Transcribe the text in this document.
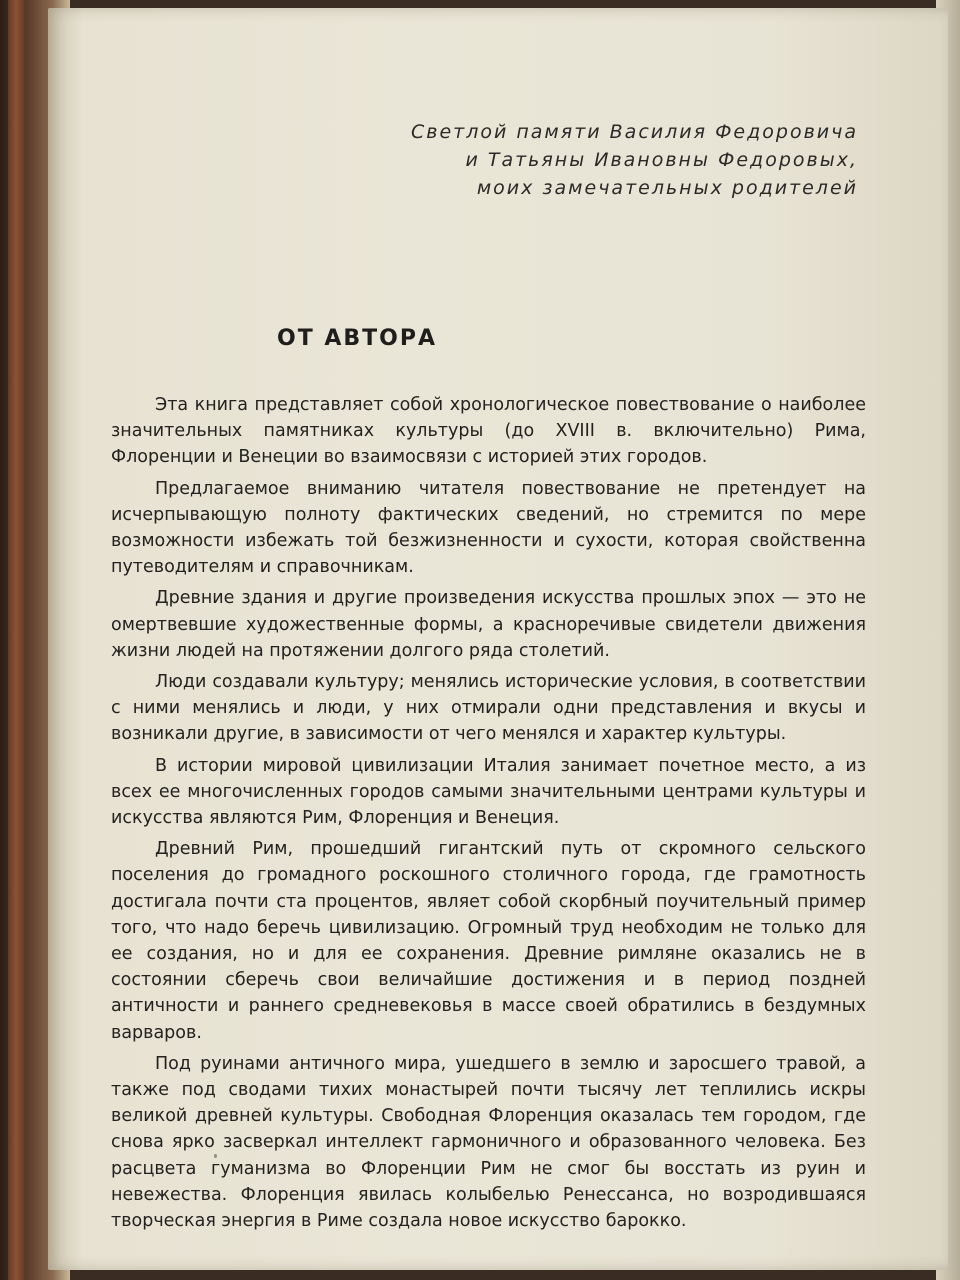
Светлой памяти Василия Федоровича
и Татьяны Ивановны Федоровых,
моих замечательных родителей
ОТ АВТОРА

Эта книга представляет собой хронологическое повествование о наиболее значительных памятниках культуры (до XVIII в. включительно) Рима, Флоренции и Венеции во взаимосвязи с историей этих городов.

Предлагаемое вниманию читателя повествование не претендует на исчерпывающую полноту фактических сведений, но стремится по мере возможности избежать той безжизненности и сухости, которая свойственна путеводителям и справочникам.

Древние здания и другие произведения искусства прошлых эпох — это не омертвевшие художественные формы, а красноречивые свидетели движения жизни людей на протяжении долгого ряда столетий.

Люди создавали культуру; менялись исторические условия, в соответствии с ними менялись и люди, у них отмирали одни представления и вкусы и возникали другие, в зависимости от чего менялся и характер культуры.

В истории мировой цивилизации Италия занимает почетное место, а из всех ее многочисленных городов самыми значительными центрами культуры и искусства являются Рим, Флоренция и Венеция.

Древний Рим, прошедший гигантский путь от скромного сельского поселения до громадного роскошного столичного города, где грамотность достигала почти ста процентов, являет собой скорбный поучительный пример того, что надо беречь цивилизацию. Огромный труд необходим не только для ее создания, но и для ее сохранения. Древние римляне оказались не в состоянии сберечь свои величайшие достижения и в период поздней античности и раннего средневековья в массе своей обратились в бездумных варваров.

Под руинами античного мира, ушедшего в землю и заросшего травой, а также под сводами тихих монастырей почти тысячу лет теплились искры великой древней культуры. Свободная Флоренция оказалась тем городом, где снова ярко засверкал интеллект гармоничного и образованного человека. Без расцвета гуманизма во Флоренции Рим не смог бы восстать из руин и невежества. Флоренция явилась колыбелью Ренессанса, но возродившаяся творческая энергия в Риме создала новое искусство барокко.
